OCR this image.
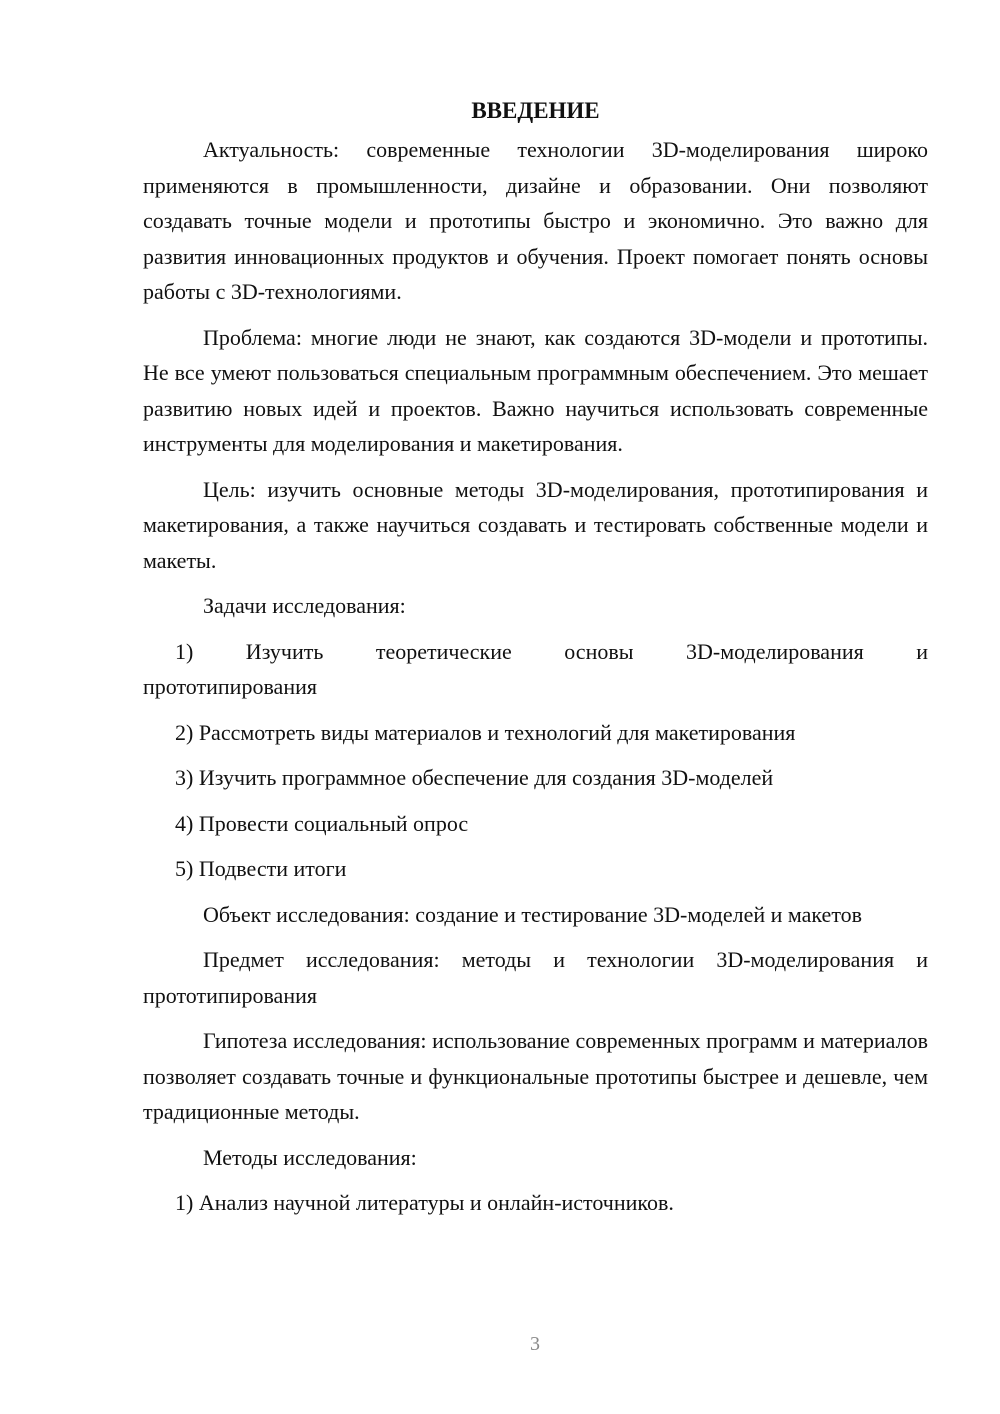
ВВЕДЕНИЕ

Актуальность: современные технологии 3D-моделирования широко применяются в промышленности, дизайне и образовании. Они позволяют создавать точные модели и прототипы быстро и экономично. Это важно для развития инновационных продуктов и обучения. Проект помогает понять основы работы с 3D-технологиями.

Проблема: многие люди не знают, как создаются 3D-модели и прототипы. Не все умеют пользоваться специальным программным обеспечением. Это мешает развитию новых идей и проектов. Важно научиться использовать современные инструменты для моделирования и макетирования.

Цель: изучить основные методы 3D-моделирования, прототипирования и макетирования, а также научиться создавать и тестировать собственные модели и макеты.

Задачи исследования:

1) Изучить теоретические основы 3D-моделирования и
прототипирования
2) Рассмотреть виды материалов и технологий для макетирования
3) Изучить программное обеспечение для создания 3D-моделей
4) Провести социальный опрос
5) Подвести итоги

Объект исследования: создание и тестирование 3D-моделей и макетов

Предмет исследования: методы и технологии 3D-моделирования и прототипирования

Гипотеза исследования: использование современных программ и материалов позволяет создавать точные и функциональные прототипы быстрее и дешевле, чем традиционные методы.

Методы исследования:

1) Анализ научной литературы и онлайн-источников.
3
